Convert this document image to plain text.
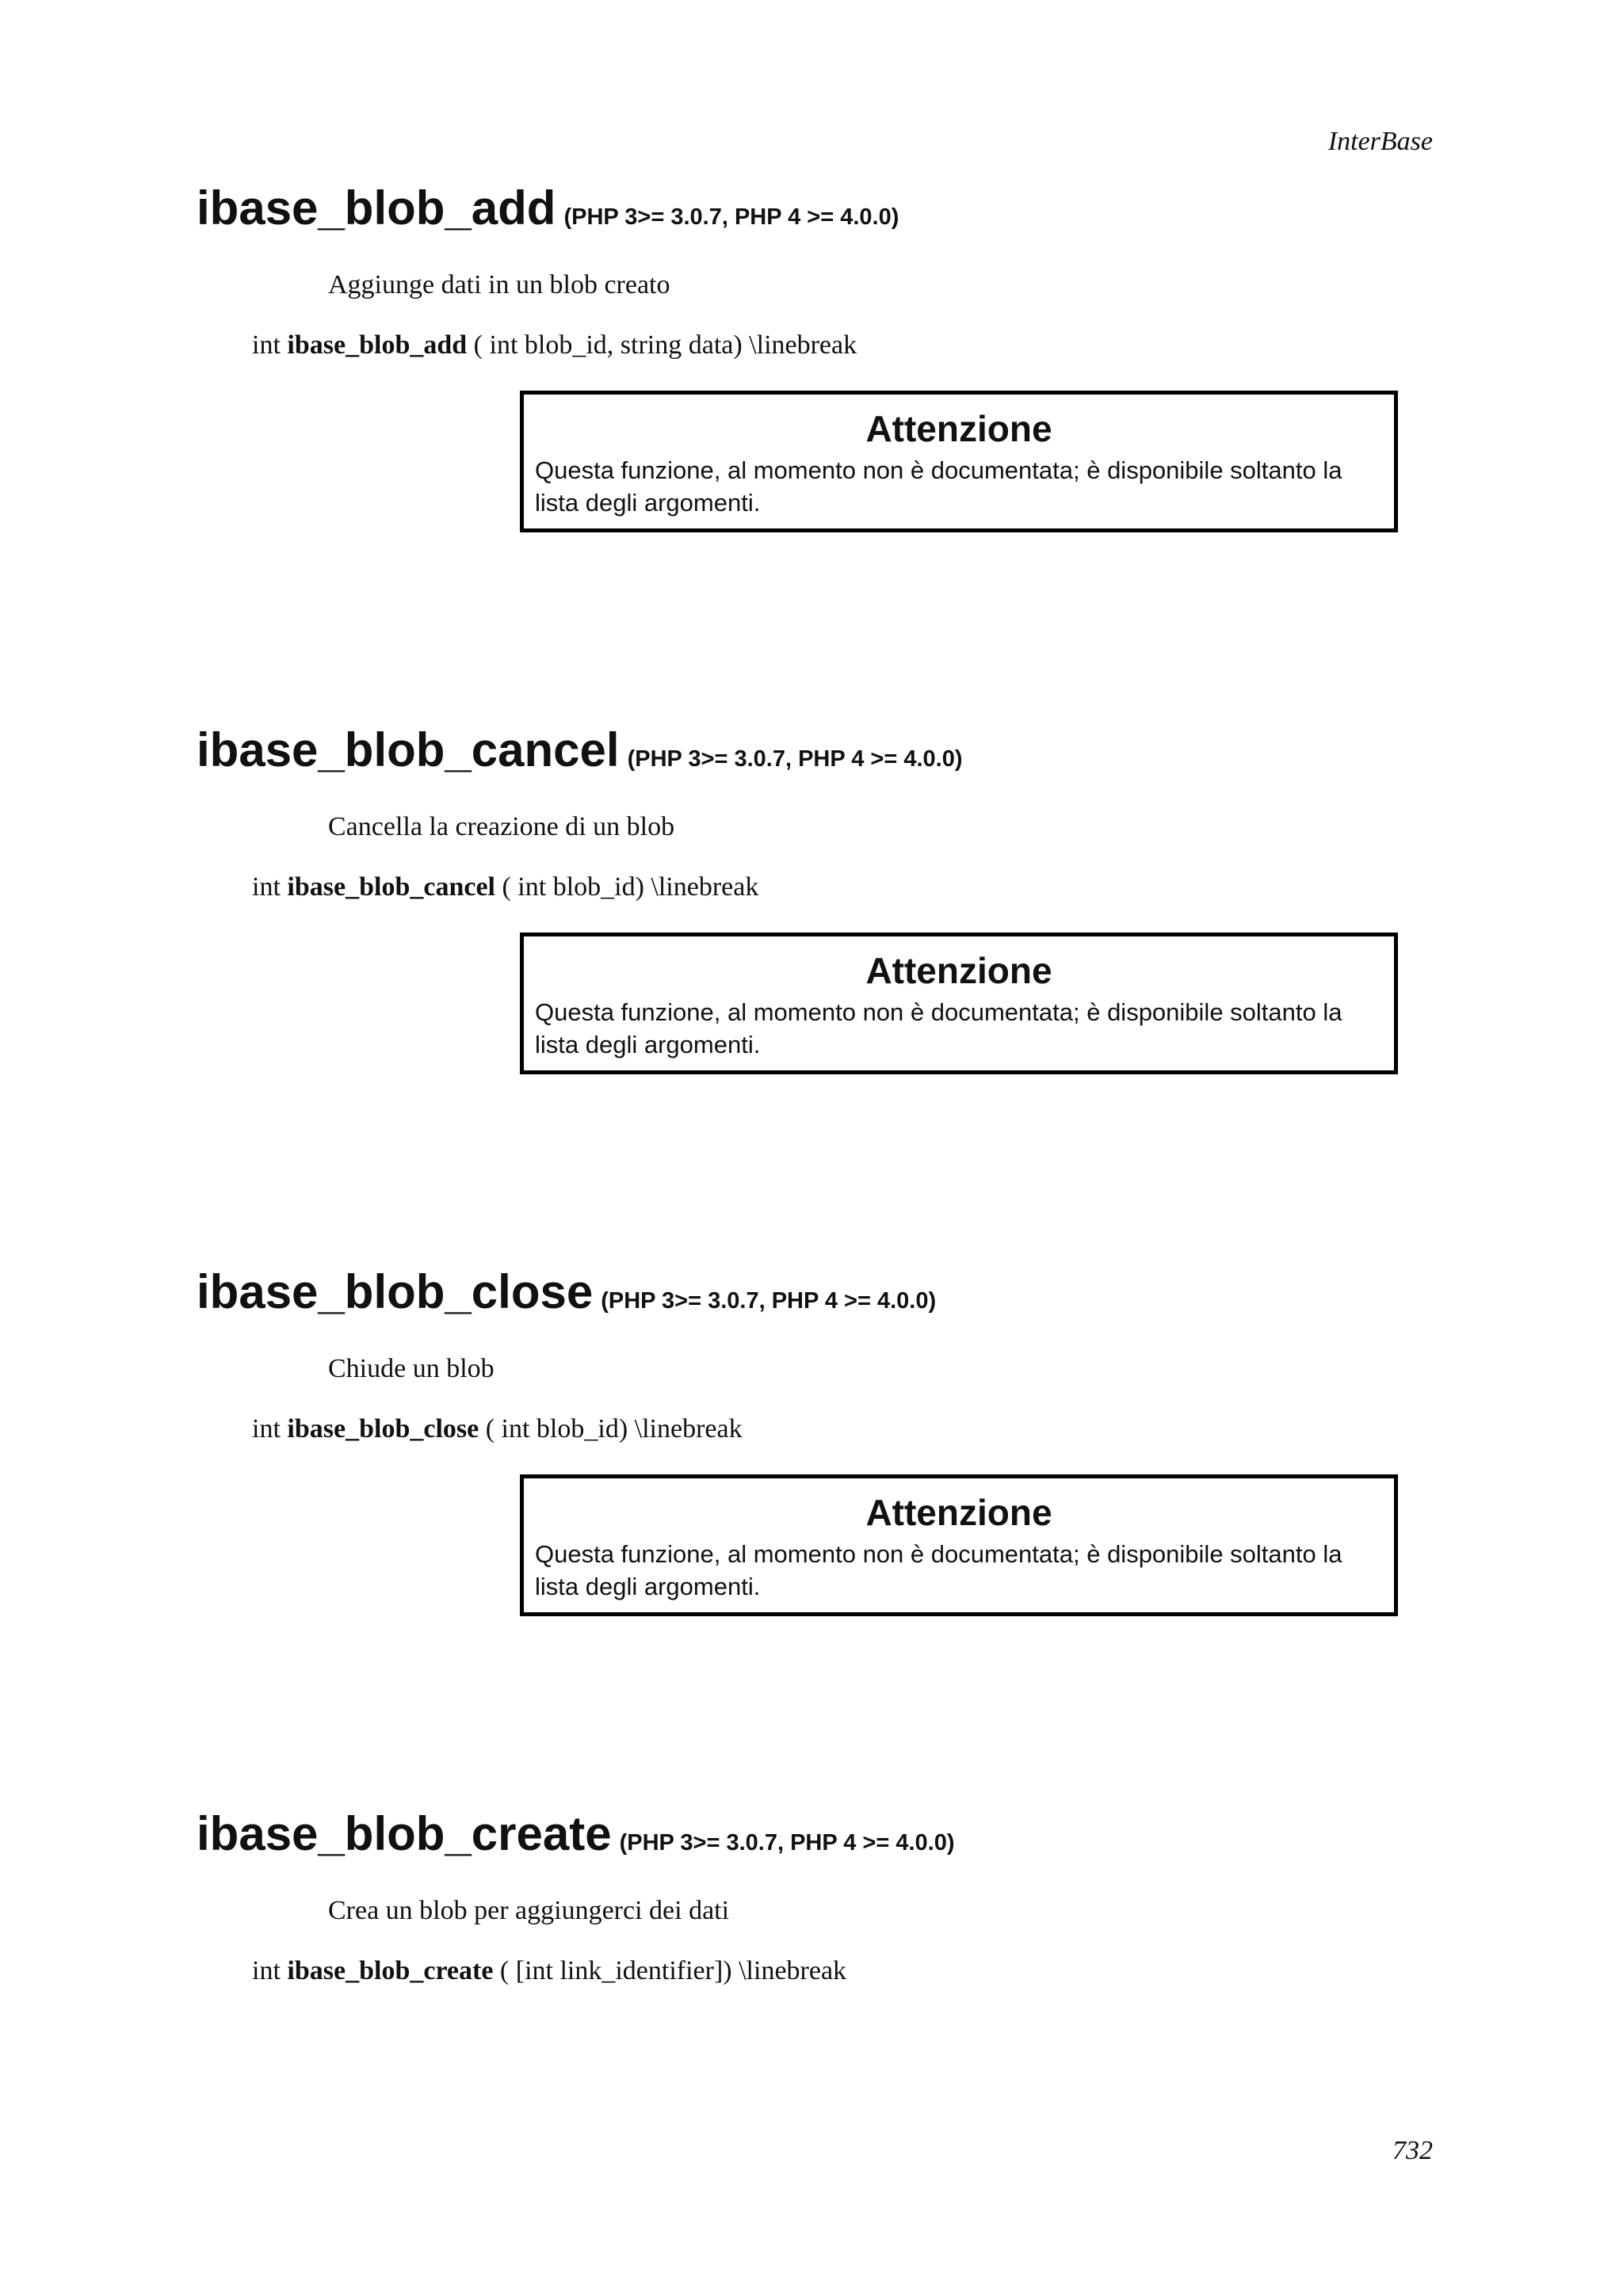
InterBase
ibase_blob_add (PHP 3>= 3.0.7, PHP 4 >= 4.0.0)

Aggiunge dati in un blob creato

int ibase_blob_add ( int blob_id, string data) \linebreak

Attenzione
Questa funzione, al momento non è documentata; è disponibile soltanto la lista degli argomenti.
ibase_blob_cancel (PHP 3>= 3.0.7, PHP 4 >= 4.0.0)

Cancella la creazione di un blob

int ibase_blob_cancel ( int blob_id) \linebreak

Attenzione
Questa funzione, al momento non è documentata; è disponibile soltanto la lista degli argomenti.
ibase_blob_close (PHP 3>= 3.0.7, PHP 4 >= 4.0.0)

Chiude un blob

int ibase_blob_close ( int blob_id) \linebreak

Attenzione
Questa funzione, al momento non è documentata; è disponibile soltanto la lista degli argomenti.
ibase_blob_create (PHP 3>= 3.0.7, PHP 4 >= 4.0.0)

Crea un blob per aggiungerci dei dati

int ibase_blob_create ( [int link_identifier]) \linebreak

732
